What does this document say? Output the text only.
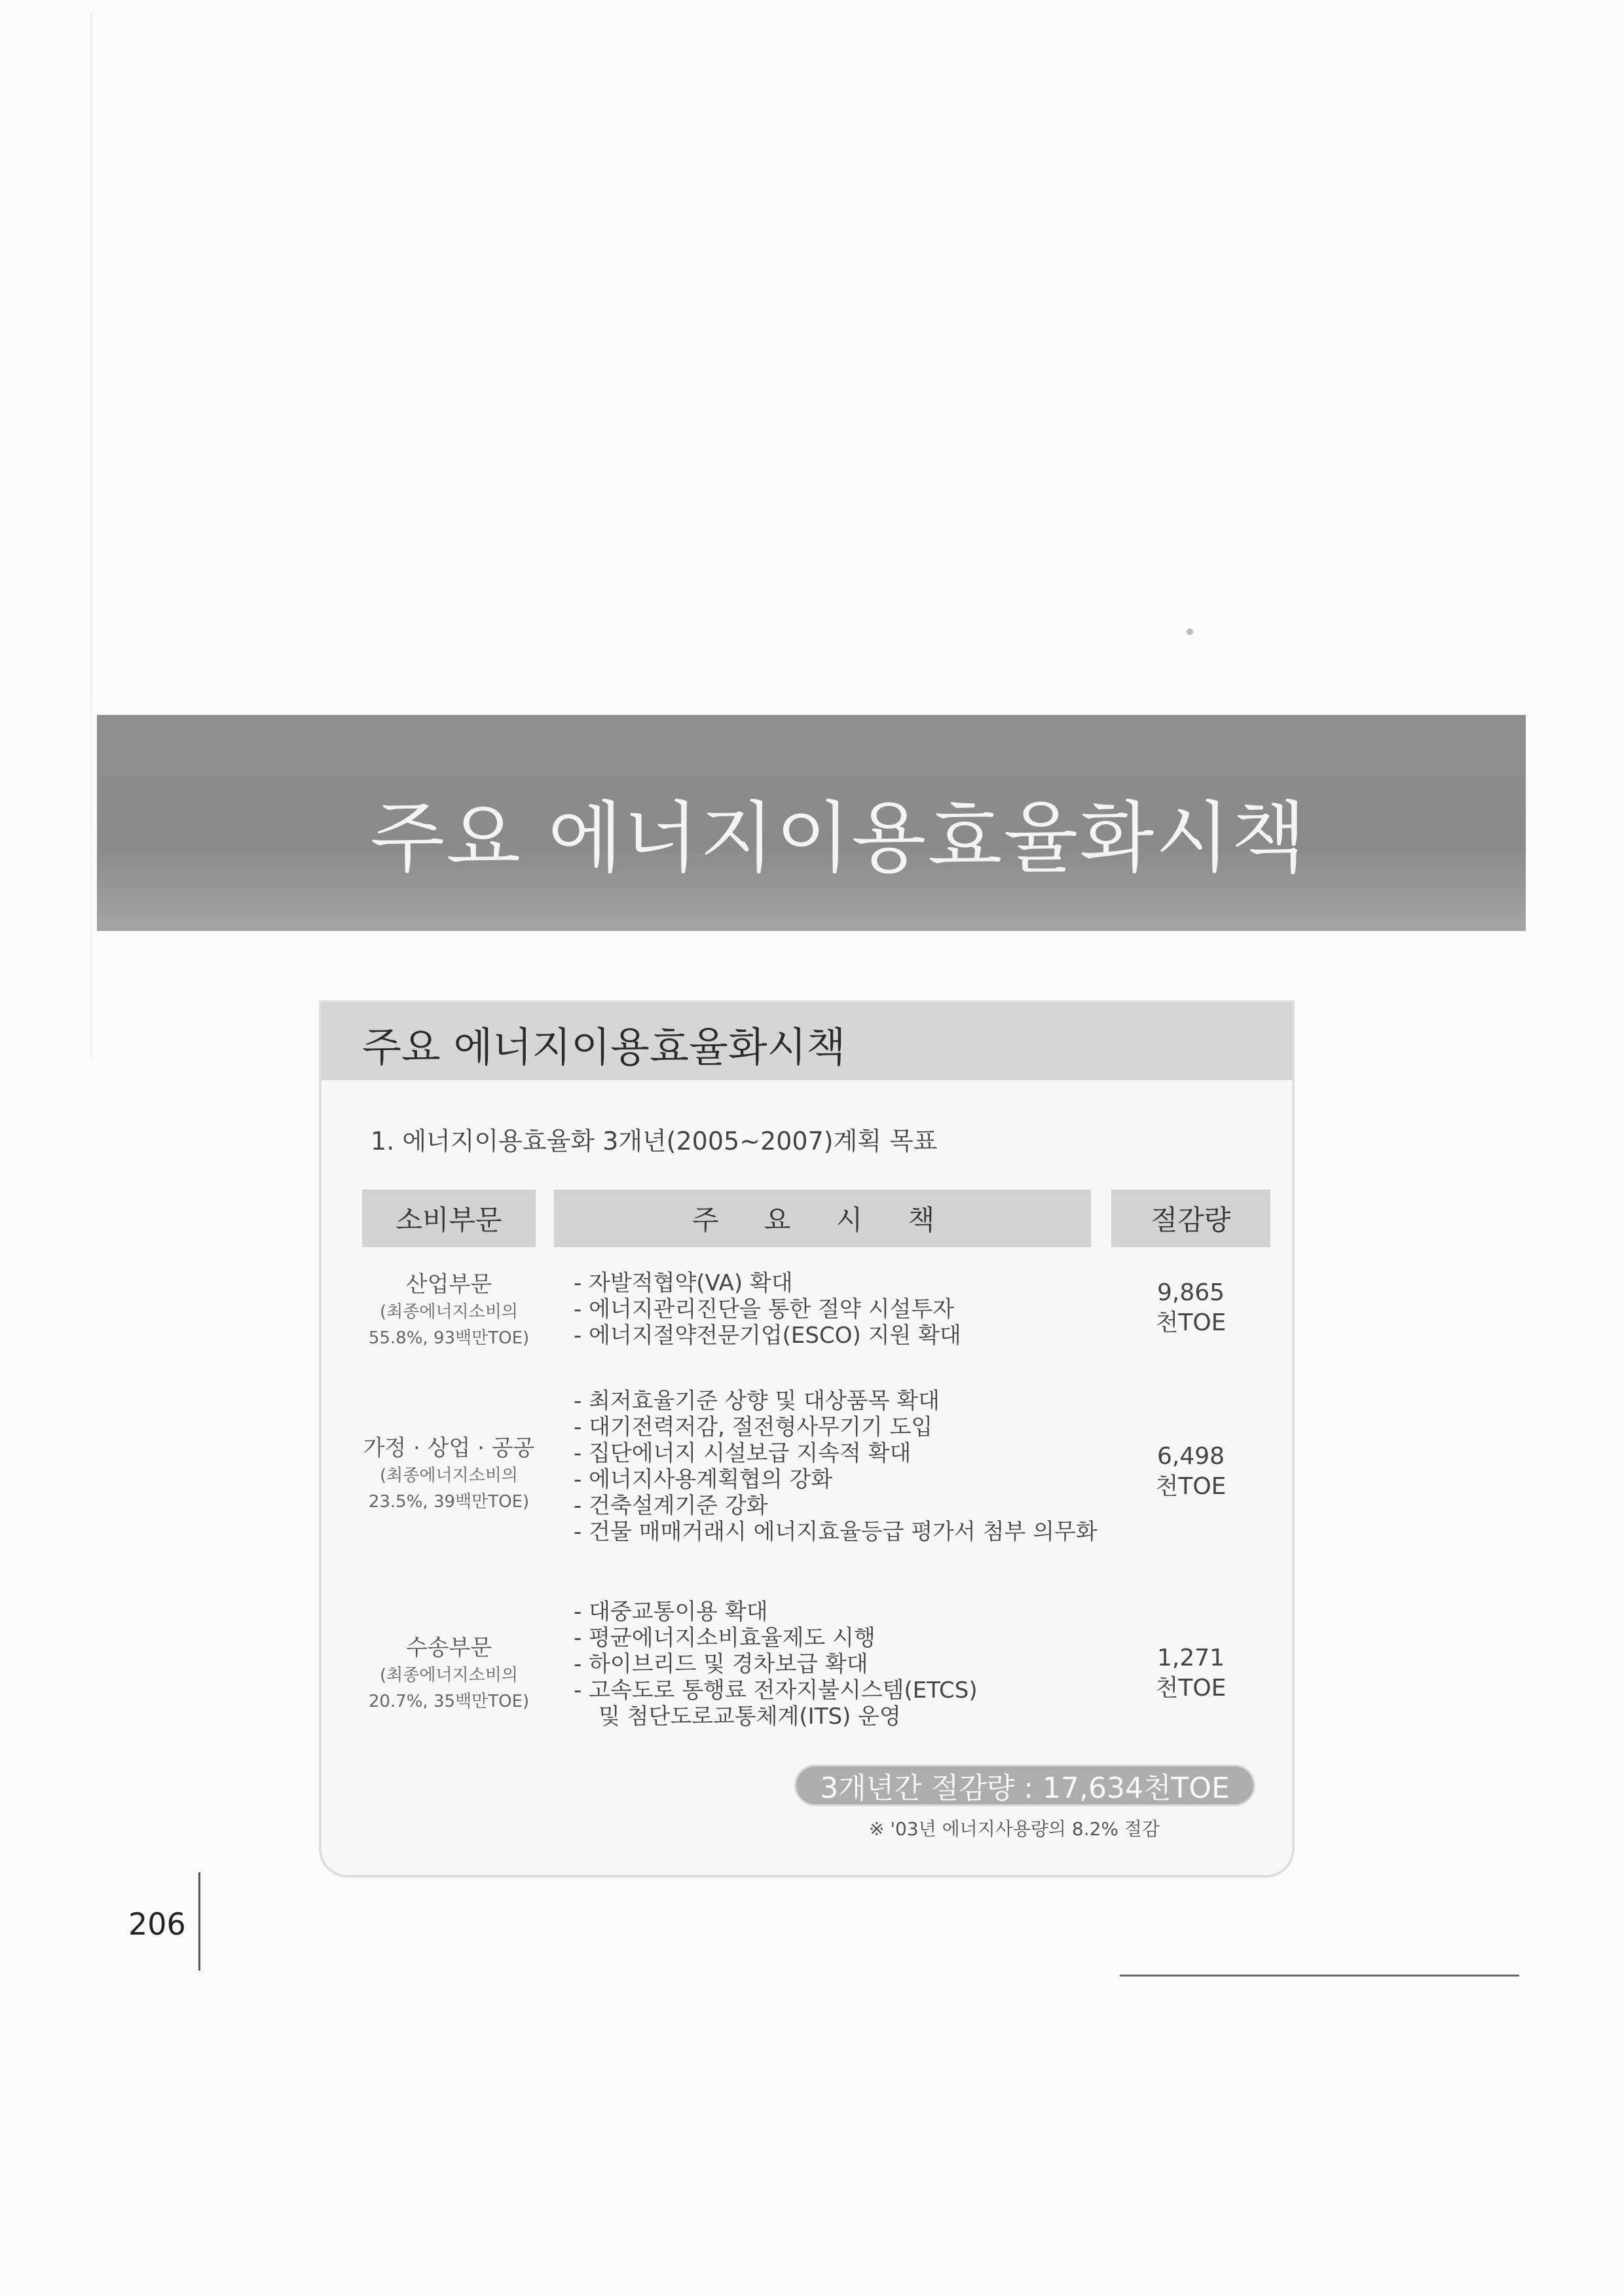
주요 에너지이용효율화시책
주요 에너지이용효율화시책
1. 에너지이용효율화 3개년(2005~2007)계획 목표
소비부문	주 요 시 책	절감량
산업부문
(최종에너지소비의
55.8%, 93백만TOE)
- 자발적협약(VA) 확대
- 에너지관리진단을 통한 절약 시설투자
- 에너지절약전문기업(ESCO) 지원 확대
9,865
천TOE
가정 · 상업 · 공공
(최종에너지소비의
23.5%, 39백만TOE)
- 최저효율기준 상향 및 대상품목 확대
- 대기전력저감, 절전형사무기기 도입
- 집단에너지 시설보급 지속적 확대
- 에너지사용계획협의 강화
- 건축설계기준 강화
- 건물 매매거래시 에너지효율등급 평가서 첨부 의무화
6,498
천TOE
수송부문
(최종에너지소비의
20.7%, 35백만TOE)
- 대중교통이용 확대
- 평균에너지소비효율제도 시행
- 하이브리드 및 경차보급 확대
- 고속도로 통행료 전자지불시스템(ETCS)
및 첨단도로교통체계(ITS) 운영
1,271
천TOE
3개년간 절감량 : 17,634천TOE
※ '03년 에너지사용량의 8.2% 절감
206
